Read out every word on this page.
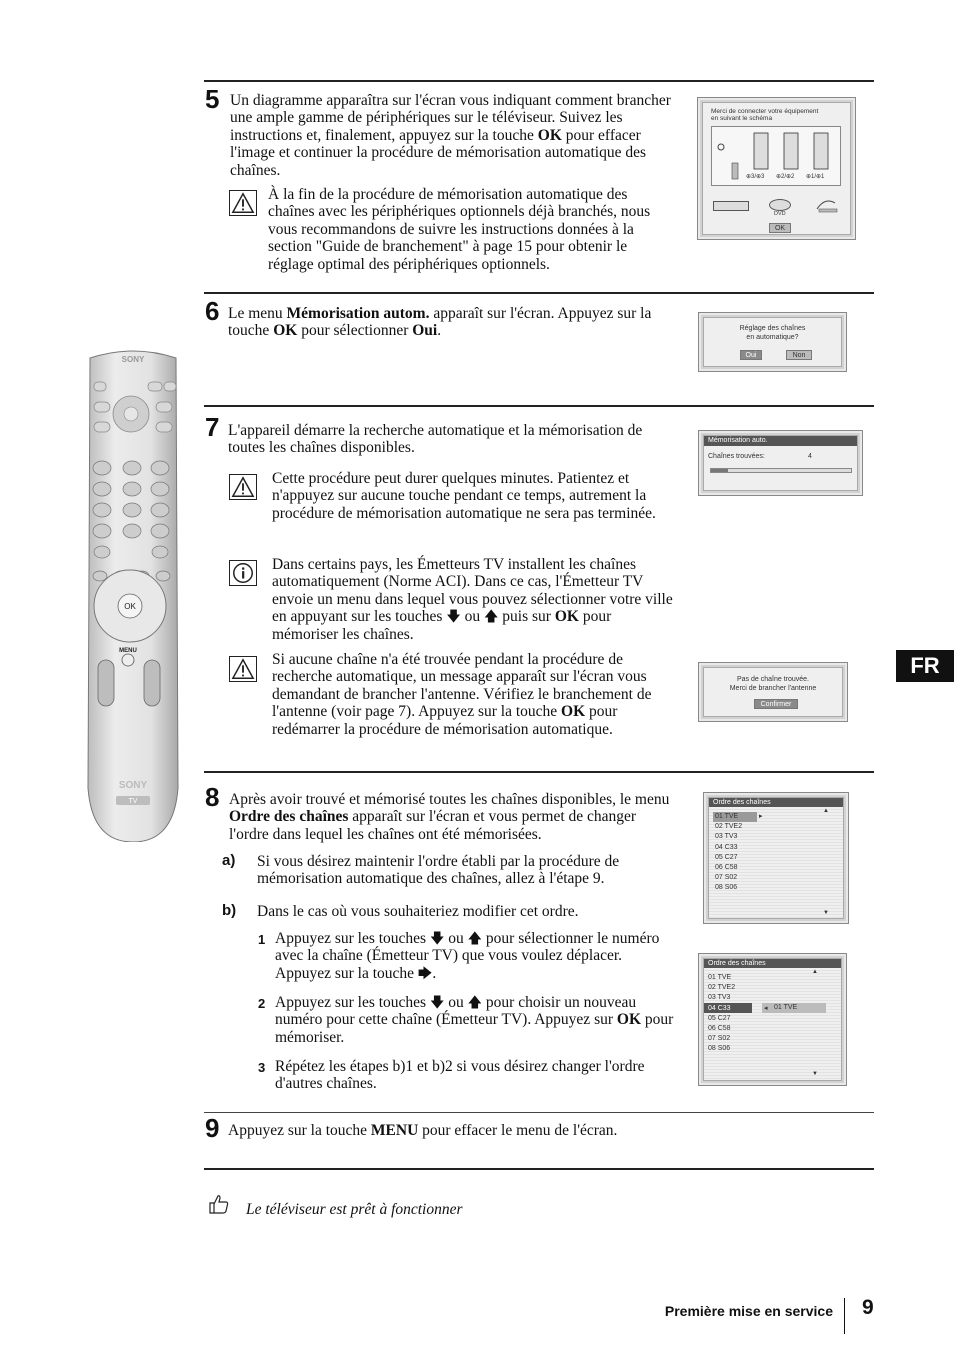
SONY
OK
MENU
SONY
TV
5 Un diagramme apparaîtra sur l'écran vous indiquant comment brancher une ample gamme de périphériques sur le téléviseur. Suivez les instructions et, finalement, appuyez sur la touche OK pour effacer l'image et continuer la procédure de mémorisation automatique des chaînes.
À la fin de la procédure de mémorisation automatique des chaînes avec les périphériques optionnels déjà branchés, nous vous recommandons de suivre les instructions données à la section "Guide de branchement" à page 15 pour obtenir le réglage optimal des périphériques optionnels.
Merci de connecter votre équipement
en suivant le schéma
⊕3/⊕3 ⊕2/⊕2 ⊕1/⊕1
DVD
OK
6 Le menu Mémorisation autom. apparaît sur l'écran. Appuyez sur la touche OK pour sélectionner Oui.	Réglage des chaînes
en automatique?
Oui	Non
7 L'appareil démarre la recherche automatique et la mémorisation de toutes les chaînes disponibles.
Cette procédure peut durer quelques minutes. Patientez et n'appuyez sur aucune touche pendant ce temps, autrement la procédure de mémorisation automatique ne sera pas terminée.
Dans certains pays, les Émetteurs TV installent les chaînes automatiquement (Norme ACI). Dans ce cas, l'Émetteur TV envoie un menu dans lequel vous pouvez sélectionner votre ville en appuyant sur les touches 🡇 ou 🡅 puis sur OK pour mémoriser les chaînes.
Si aucune chaîne n'a été trouvée pendant la procédure de recherche automatique, un message apparaît sur l'écran vous demandant de brancher l'antenne. Vérifiez le branchement de l'antenne (voir page 7). Appuyez sur la touche OK pour redémarrer la procédure de mémorisation automatique.
Mémorisation auto.
Chaînes trouvées:	4
Pas de chaîne trouvée.
Merci de brancher l'antenne
Confirmer
8 Après avoir trouvé et mémorisé toutes les chaînes disponibles, le menu Ordre des chaînes apparaît sur l'écran et vous permet de changer l'ordre dans lequel les chaînes ont été mémorisées.
a) Si vous désirez maintenir l'ordre établi par la procédure de mémorisation automatique des chaînes, allez à l'étape 9.
b) Dans le cas où vous souhaiteriez modifier cet ordre.
1 Appuyez sur les touches 🡇 ou 🡅 pour sélectionner le numéro avec la chaîne (Émetteur TV) que vous voulez déplacer. Appuyez sur la touche 🡆.
2 Appuyez sur les touches 🡇 ou 🡅 pour choisir un nouveau numéro pour cette chaîne (Émetteur TV). Appuyez sur OK pour mémoriser.
3 Répétez les étapes b)1 et b)2 si vous désirez changer l'ordre d'autres chaînes.
Ordre des chaînes
▲
▸
01 TVE
02 TVE2
03 TV3
04 C33
05 C27
06 C58
07 S02
08 S06
▼
Ordre des chaînes
▲
◂ 01 TVE
01 TVE
02 TVE2
03 TV3
04 C33
05 C27
06 C58
07 S02
08 S06
▼
9 Appuyez sur la touche MENU pour effacer le menu de l'écran.
Le téléviseur est prêt à fonctionner
FR
Première mise en service 9
